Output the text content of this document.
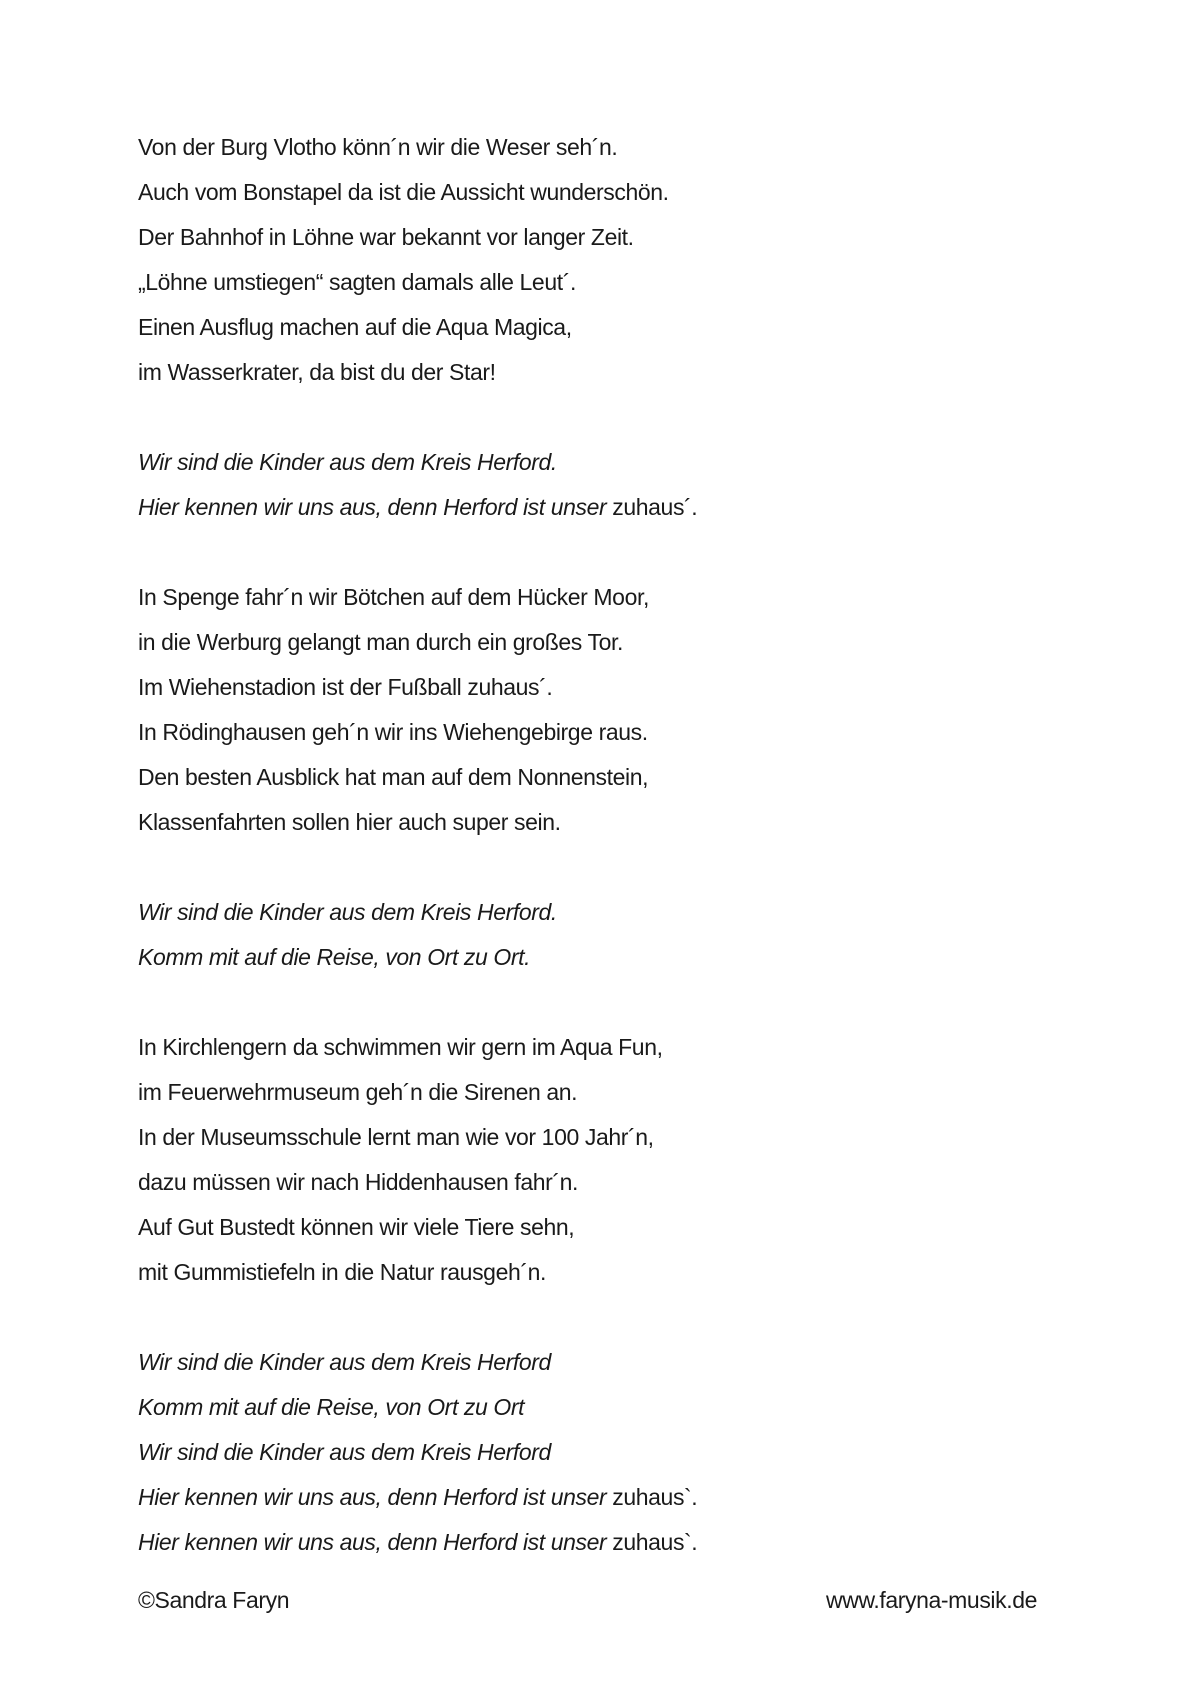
Von der Burg Vlotho könn´n wir die Weser seh´n.

Auch vom Bonstapel da ist die Aussicht wunderschön.

Der Bahnhof in Löhne war bekannt vor langer Zeit.

„Löhne umstiegen“ sagten damals alle Leut´.

Einen Ausflug machen auf die Aqua Magica,

im Wasserkrater, da bist du der Star!

Wir sind die Kinder aus dem Kreis Herford.

Hier kennen wir uns aus, denn Herford ist unser zuhaus´.

In Spenge fahr´n wir Bötchen auf dem Hücker Moor,

in die Werburg gelangt man durch ein großes Tor.

Im Wiehenstadion ist der Fußball zuhaus´.

In Rödinghausen geh´n wir ins Wiehengebirge raus.

Den besten Ausblick hat man auf dem Nonnenstein,

Klassenfahrten sollen hier auch super sein.

Wir sind die Kinder aus dem Kreis Herford.

Komm mit auf die Reise, von Ort zu Ort.

In Kirchlengern da schwimmen wir gern im Aqua Fun,

im Feuerwehrmuseum geh´n die Sirenen an.

In der Museumsschule lernt man wie vor 100 Jahr´n,

dazu müssen wir nach Hiddenhausen fahr´n.

Auf Gut Bustedt können wir viele Tiere sehn,

mit Gummistiefeln in die Natur rausgeh´n.

Wir sind die Kinder aus dem Kreis Herford

Komm mit auf die Reise, von Ort zu Ort

Wir sind die Kinder aus dem Kreis Herford

Hier kennen wir uns aus, denn Herford ist unser zuhaus`.

Hier kennen wir uns aus, denn Herford ist unser zuhaus`.

©Sandra Faryn	www.faryna-musik.de
